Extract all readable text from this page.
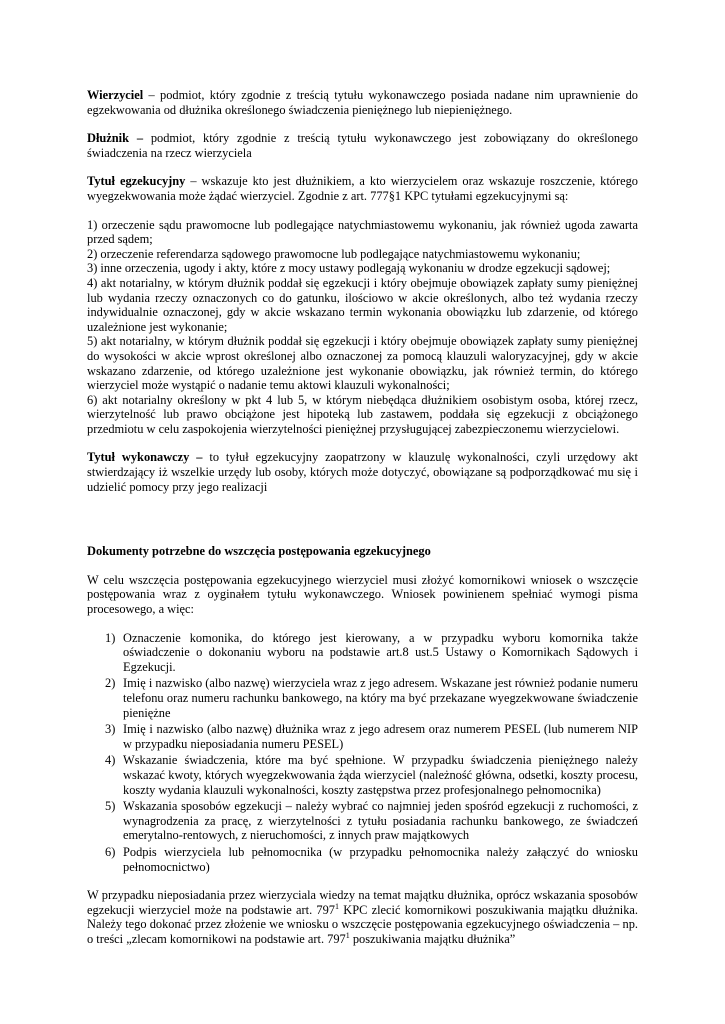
Wierzyciel – podmiot, który zgodnie z treścią tytułu wykonawczego posiada nadane nim uprawnienie do egzekwowania od dłużnika określonego świadczenia pieniężnego lub niepieniężnego.

Dłużnik – podmiot, który zgodnie z treścią tytułu wykonawczego jest zobowiązany do określonego świadczenia na rzecz wierzyciela

Tytuł egzekucyjny – wskazuje kto jest dłużnikiem, a kto wierzycielem oraz wskazuje roszczenie, którego wyegzekwowania może żądać wierzyciel. Zgodnie z art. 777§1 KPC tytułami egzekucyjnymi są:

1) orzeczenie sądu prawomocne lub podlegające natychmiastowemu wykonaniu, jak również ugoda zawarta przed sądem;

2) orzeczenie referendarza sądowego prawomocne lub podlegające natychmiastowemu wykonaniu;

3) inne orzeczenia, ugody i akty, które z mocy ustawy podlegają wykonaniu w drodze egzekucji sądowej;

4) akt notarialny, w którym dłużnik poddał się egzekucji i który obejmuje obowiązek zapłaty sumy pieniężnej lub wydania rzeczy oznaczonych co do gatunku, ilościowo w akcie określonych, albo też wydania rzeczy indywidualnie oznaczonej, gdy w akcie wskazano termin wykonania obowiązku lub zdarzenie, od którego uzależnione jest wykonanie;

5) akt notarialny, w którym dłużnik poddał się egzekucji i który obejmuje obowiązek zapłaty sumy pieniężnej do wysokości w akcie wprost określonej albo oznaczonej za pomocą klauzuli waloryzacyjnej, gdy w akcie wskazano zdarzenie, od którego uzależnione jest wykonanie obowiązku, jak również termin, do którego wierzyciel może wystąpić o nadanie temu aktowi klauzuli wykonalności;

6) akt notarialny określony w pkt 4 lub 5, w którym niebędąca dłużnikiem osobistym osoba, której rzecz, wierzytelność lub prawo obciążone jest hipoteką lub zastawem, poddała się egzekucji z obciążonego przedmiotu w celu zaspokojenia wierzytelności pieniężnej przysługującej zabezpieczonemu wierzycielowi.

Tytuł wykonawczy – to tyłuł egzekucyjny zaopatrzony w klauzulę wykonalności, czyli urzędowy akt stwierdzający iż wszelkie urzędy lub osoby, których może dotyczyć, obowiązane są podporządkować mu się i udzielić pomocy przy jego realizacji

Dokumenty potrzebne do wszczęcia postępowania egzekucyjnego

W celu wszczęcia postępowania egzekucyjnego wierzyciel musi złożyć komornikowi wniosek o wszczęcie postępowania wraz z oyginałem tytułu wykonawczego. Wniosek powinienem spełniać wymogi pisma procesowego, a więc:

1) Oznaczenie komonika, do którego jest kierowany, a w przypadku wyboru komornika także oświadczenie o dokonaniu wyboru na podstawie art.8 ust.5 Ustawy o Komornikach Sądowych i Egzekucji.
2) Imię i nazwisko (albo nazwę) wierzyciela wraz z jego adresem. Wskazane jest również podanie numeru telefonu oraz numeru rachunku bankowego, na który ma być przekazane wyegzekwowane świadczenie pieniężne
3) Imię i nazwisko (albo nazwę) dłużnika wraz z jego adresem oraz numerem PESEL (lub numerem NIP w przypadku nieposiadania numeru PESEL)
4) Wskazanie świadczenia, które ma być spełnione. W przypadku świadczenia pieniężnego należy wskazać kwoty, których wyegzekwowania żąda wierzyciel (należność główna, odsetki, koszty procesu, koszty wydania klauzuli wykonalności, koszty zastępstwa przez profesjonalnego pełnomocnika)
5) Wskazania sposobów egzekucji – należy wybrać co najmniej jeden spośród egzekucji z ruchomości, z wynagrodzenia za pracę, z wierzytelności z tytułu posiadania rachunku bankowego, ze świadczeń emerytalno-rentowych, z nieruchomości, z innych praw majątkowych
6) Podpis wierzyciela lub pełnomocnika (w przypadku pełnomocnika należy załączyć do wniosku pełnomocnictwo)

W przypadku nieposiadania przez wierzyciala wiedzy na temat majątku dłużnika, oprócz wskazania sposobów egzekucji wierzyciel może na podstawie art. $797^1$ KPC zlecić komornikowi poszukiwania majątku dłużnika. Należy tego dokonać przez złożenie we wniosku o wszczęcie postępowania egzekucyjnego oświadczenia – np. o treści „zlecam komornikowi na podstawie art. $797^1$ poszukiwania majątku dłużnika”
